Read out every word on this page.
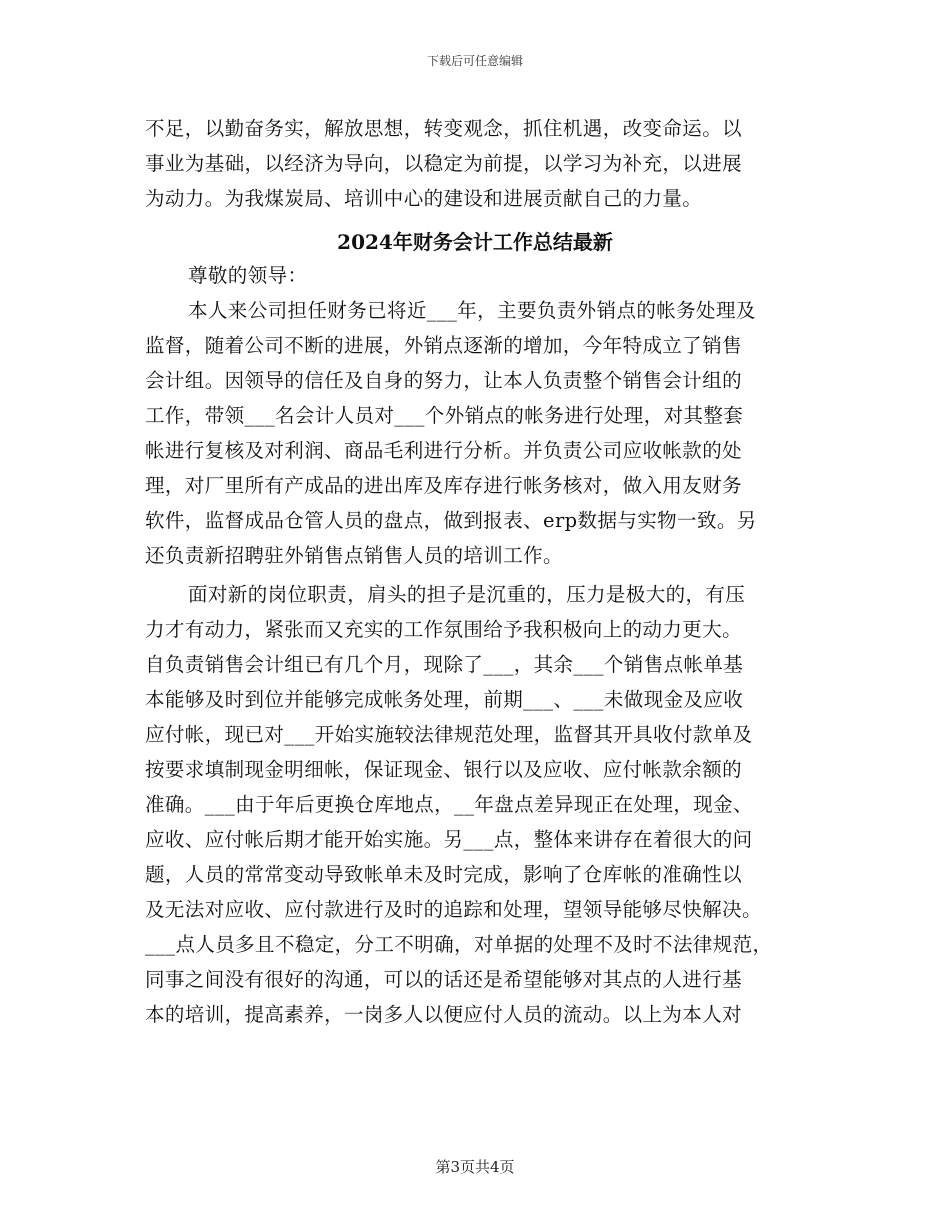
下载后可任意编辑
不足，以勤奋务实，解放思想，转变观念，抓住机遇，改变命运。以
事业为基础，以经济为导向，以稳定为前提，以学习为补充，以进展
为动力。为我煤炭局、培训中心的建设和进展贡献自己的力量。
2024年财务会计工作总结最新
尊敬的领导：
本人来公司担任财务已将近___年，主要负责外销点的帐务处理及
监督，随着公司不断的进展，外销点逐渐的增加，今年特成立了销售
会计组。因领导的信任及自身的努力，让本人负责整个销售会计组的
工作，带领___名会计人员对___个外销点的帐务进行处理，对其整套
帐进行复核及对利润、商品毛利进行分析。并负责公司应收帐款的处
理，对厂里所有产成品的进出库及库存进行帐务核对，做入用友财务
软件，监督成品仓管人员的盘点，做到报表、erp数据与实物一致。另
还负责新招聘驻外销售点销售人员的培训工作。
面对新的岗位职责，肩头的担子是沉重的，压力是极大的，有压
力才有动力，紧张而又充实的工作氛围给予我积极向上的动力更大。
自负责销售会计组已有几个月，现除了___，其余___个销售点帐单基
本能够及时到位并能够完成帐务处理，前期___、___未做现金及应收
应付帐，现已对___开始实施较法律规范处理，监督其开具收付款单及
按要求填制现金明细帐，保证现金、银行以及应收、应付帐款余额的
准确。___由于年后更换仓库地点，__年盘点差异现正在处理，现金、
应收、应付帐后期才能开始实施。另___点，整体来讲存在着很大的问
题，人员的常常变动导致帐单未及时完成，影响了仓库帐的准确性以
及无法对应收、应付款进行及时的追踪和处理，望领导能够尽快解决。
___点人员多且不稳定，分工不明确，对单据的处理不及时不法律规范，
同事之间没有很好的沟通，可以的话还是希望能够对其点的人进行基
本的培训，提高素养，一岗多人以便应付人员的流动。以上为本人对
第3页共4页
